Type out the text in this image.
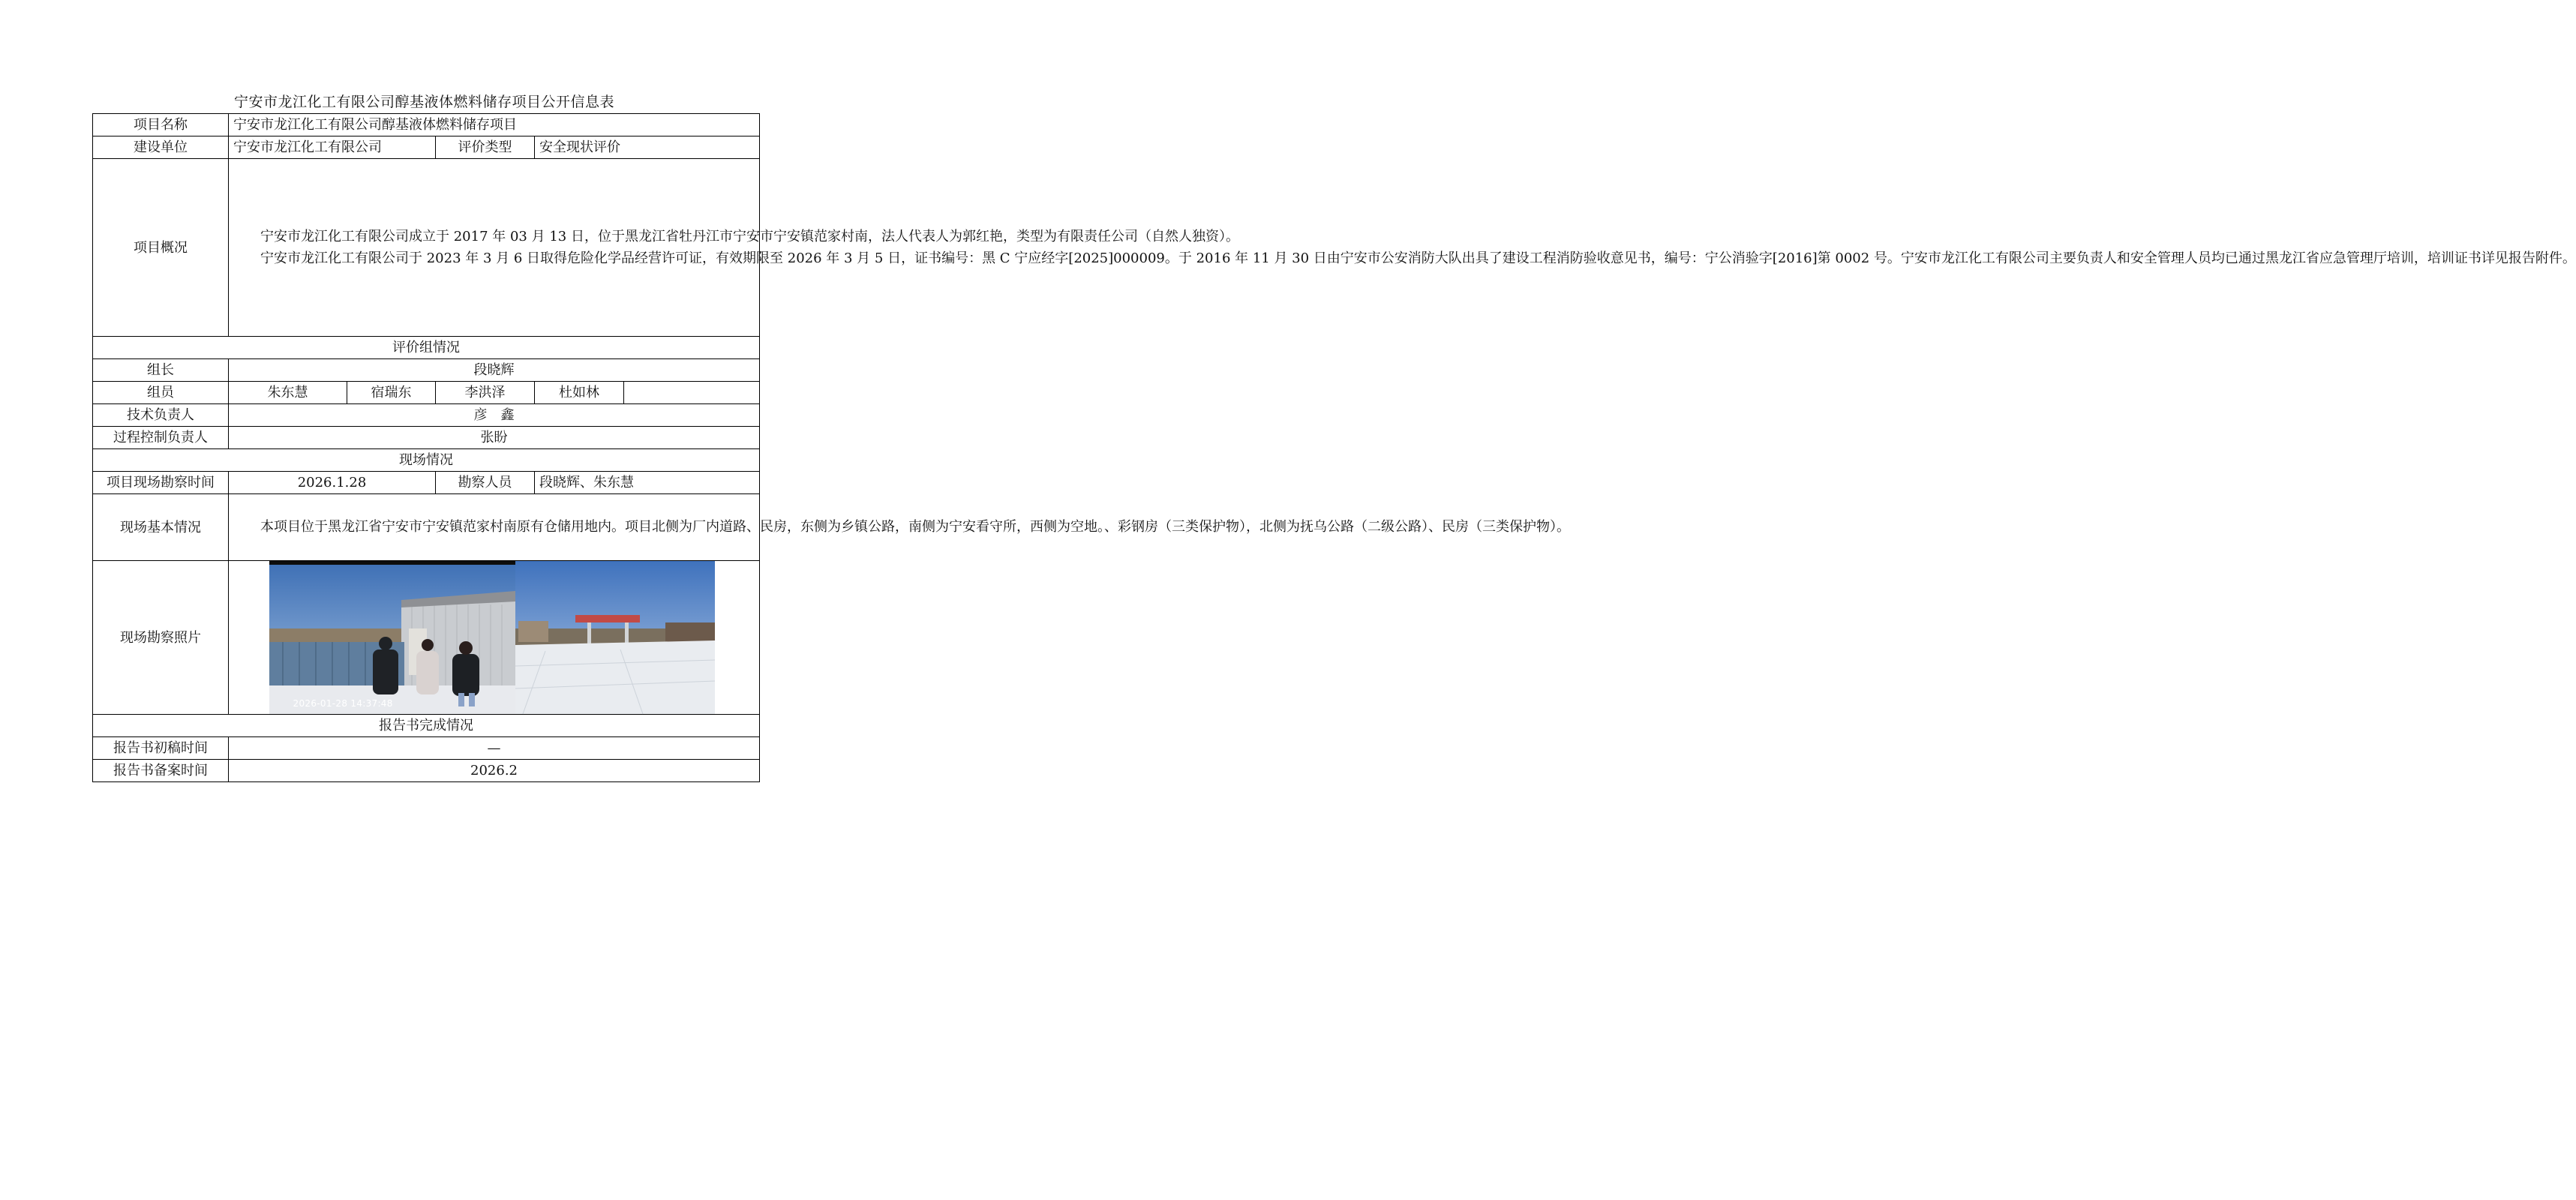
宁安市龙江化工有限公司醇基液体燃料储存项目公开信息表
项目名称	宁安市龙江化工有限公司醇基液体燃料储存项目				
建设单位	宁安市龙江化工有限公司		评价类型	安全现状评价	
项目概况	宁安市龙江化工有限公司成立于 2017 年 03 月 13 日，位于黑龙江省牡丹江市宁安市宁安镇范家村南，法人代表人为郭红艳，类型为有限责任公司（自然人独资）。

宁安市龙江化工有限公司于 2023 年 3 月 6 日取得危险化学品经营许可证，有效期限至 2026 年 3 月 5 日，证书编号：黑 C 宁应经字[2025]000009。于 2016 年 11 月 30 日由宁安市公安消防大队出具了建设工程消防验收意见书，编号：宁公消验字[2016]第 0002 号。宁安市龙江化工有限公司主要负责人和安全管理人员均已通过黑龙江省应急管理厅培训，培训证书详见报告附件。				

评价组情况					
组长	段晓辉				
组员	朱东慧	宿瑞东	李洪泽	杜如林	
技术负责人	彦　鑫				
过程控制负责人	张盼				
现场情况					
项目现场勘察时间	2026.1.28		勘察人员	段晓辉、朱东慧	
现场基本情况	本项目位于黑龙江省宁安市宁安镇范家村南原有仓储用地内。项目北侧为厂内道路、民房，东侧为乡镇公路，南侧为宁安看守所，西侧为空地。、彩钢房（三类保护物），北侧为抚乌公路（二级公路）、民房（三类保护物）。				

现场勘察照片	2026-01-28 14:37:48				

报告书完成情况					
报告书初稿时间	—				
报告书备案时间	2026.2				
